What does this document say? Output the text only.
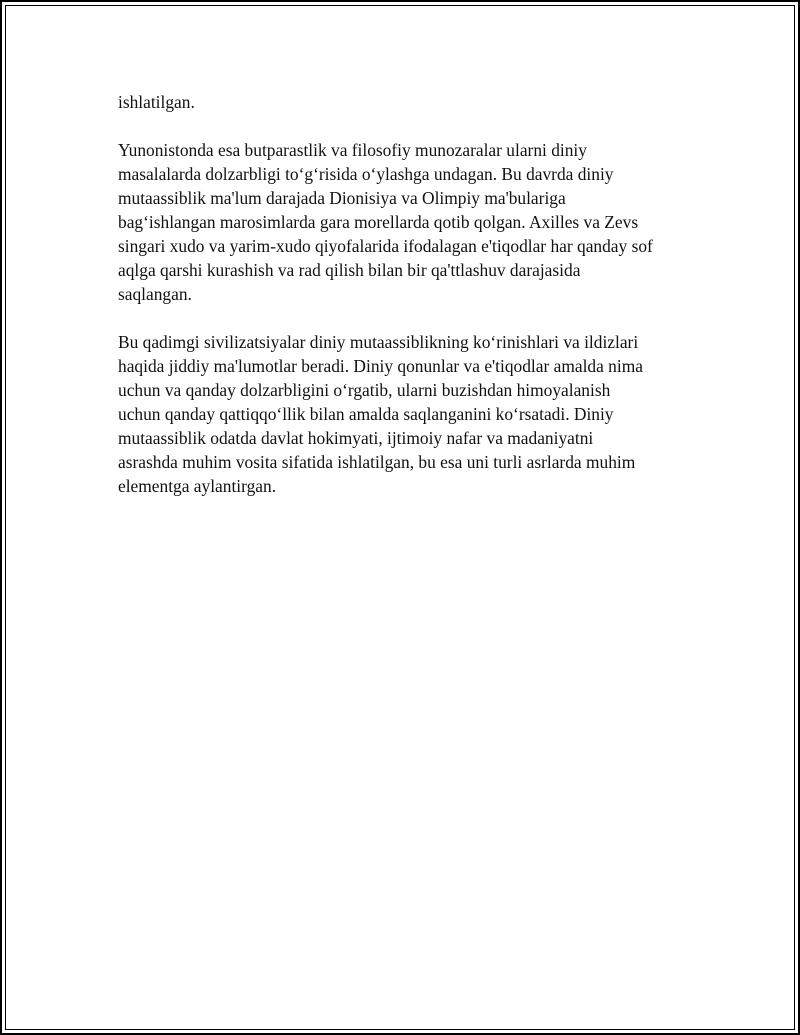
ishlatilgan.

Yunonistonda esa butparastlik va filosofiy munozaralar ularni diniy
masalalarda dolzarbligi to‘g‘risida o‘ylashga undagan. Bu davrda diniy
mutaassiblik ma'lum darajada Dionisiya va Olimpiy ma'bulariga
bag‘ishlangan marosimlarda gara morellarda qotib qolgan. Axilles va Zevs
singari xudo va yarim-xudo qiyofalarida ifodalagan e'tiqodlar har qanday sof
aqlga qarshi kurashish va rad qilish bilan bir qa'ttlashuv darajasida
saqlangan.

Bu qadimgi sivilizatsiyalar diniy mutaassiblikning ko‘rinishlari va ildizlari
haqida jiddiy ma'lumotlar beradi. Diniy qonunlar va e'tiqodlar amalda nima
uchun va qanday dolzarbligini o‘rgatib, ularni buzishdan himoyalanish
uchun qanday qattiqqo‘llik bilan amalda saqlanganini ko‘rsatadi. Diniy
mutaassiblik odatda davlat hokimyati, ijtimoiy nafar va madaniyatni
asrashda muhim vosita sifatida ishlatilgan, bu esa uni turli asrlarda muhim
elementga aylantirgan.
